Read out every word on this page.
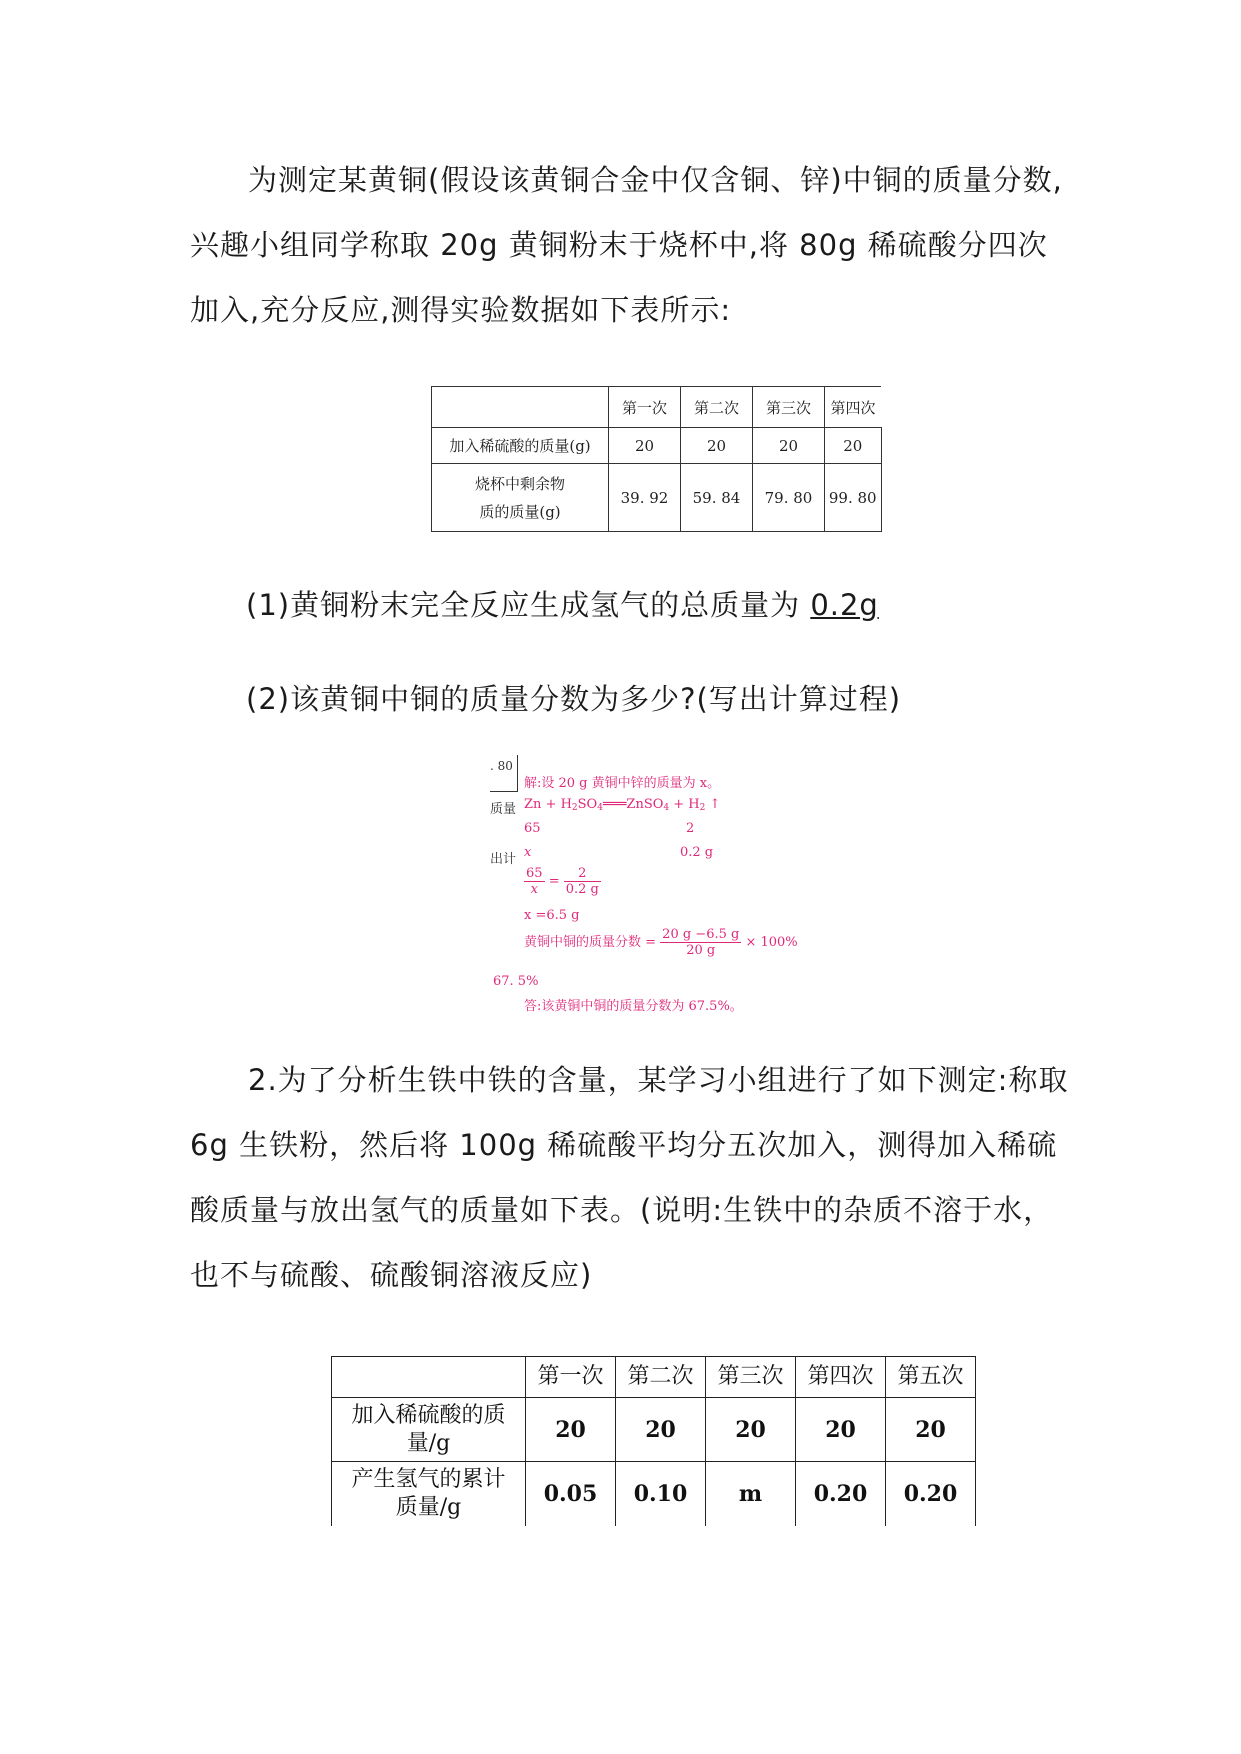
为测定某黄铜(假设该黄铜合金中仅含铜、锌)中铜的质量分数,兴趣小组同学称取 20g 黄铜粉末于烧杯中,将 80g 稀硫酸分四次加入,充分反应,测得实验数据如下表所示:

	第一次	第二次	第三次	第四次
加入稀硫酸的质量(g)	20	20	20	20
烧杯中剩余物
质的质量(g)	39. 92	59. 84	79. 80	99. 80

(1)黄铜粉末完全反应生成氢气的总质量为 0.2g

(2)该黄铜中铜的质量分数为多少?(写出计算过程)

. 80
质量
出计
67. 5%
解:设 20 g 黄铜中锌的质量为 x。
$Zn + H_2SO_4═══ZnSO_4 + H_2$ ↑
65	2
x	0.2 g
$\frac{65}{x} = \frac{2}{0.2 g}$
x =6.5 g
黄铜中铜的质量分数 = $\frac{20 g -6.5 g}{20 g} \times 100\%$
答:该黄铜中铜的质量分数为 67.5%。

2.为了分析生铁中铁的含量，某学习小组进行了如下测定:称取 6g 生铁粉，然后将 100g 稀硫酸平均分五次加入，测得加入稀硫酸质量与放出氢气的质量如下表。(说明:生铁中的杂质不溶于水，也不与硫酸、硫酸铜溶液反应)

	第一次	第二次	第三次	第四次	第五次
加入稀硫酸的质
量/g	20	20	20	20	20
产生氢气的累计
质量/g	0.05	0.10	m	0.20	0.20
